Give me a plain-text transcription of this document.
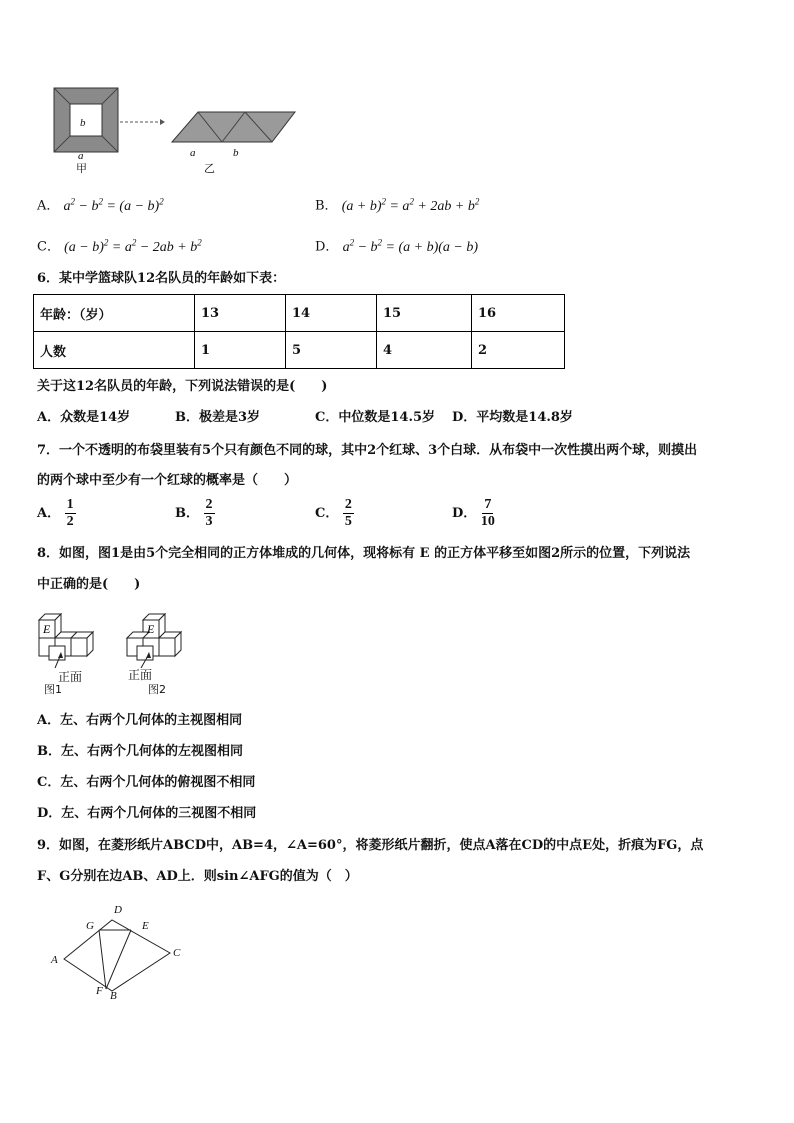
b
a
甲
a	b
乙
A． $a^2 - b^2 = (a - b)^2$	B． $(a + b)^2 = a^2 + 2ab + b^2$
C． $(a - b)^2 = a^2 - 2ab + b^2$	D． $a^2 - b^2 = (a + b)(a - b)$
6．某中学篮球队12名队员的年龄如下表：
年龄：（岁）	13	14	15	16
人数	1	5	4	2
关于这12名队员的年龄，下列说法错误的是(　　)
A．众数是14岁	B．极差是3岁	C．中位数是14.5岁 D．平均数是14.8岁
7．一个不透明的布袋里装有5个只有颜色不同的球，其中2个红球、3个白球．从布袋中一次性摸出两个球，则摸出
的两个球中至少有一个红球的概率是（　　）
A． $\frac{1}{2}$	B． $\frac{2}{3}$	C． $\frac{2}{5}$	D． $\frac{7}{10}$
8．如图，图1是由5个完全相同的正方体堆成的几何体，现将标有 E 的正方体平移至如图2所示的位置，下列说法
中正确的是(　　)
E	E
正面	正面
图1	图2
A．左、右两个几何体的主视图相同
B．左、右两个几何体的左视图相同
C．左、右两个几何体的俯视图不相同
D．左、右两个几何体的三视图不相同
9．如图，在菱形纸片ABCD中，AB=4，∠A=60°，将菱形纸片翻折，使点A落在CD的中点E处，折痕为FG，点
F、G分别在边AB、AD上．则sin∠AFG的值为（　）
A
D
G	E
C
F B
